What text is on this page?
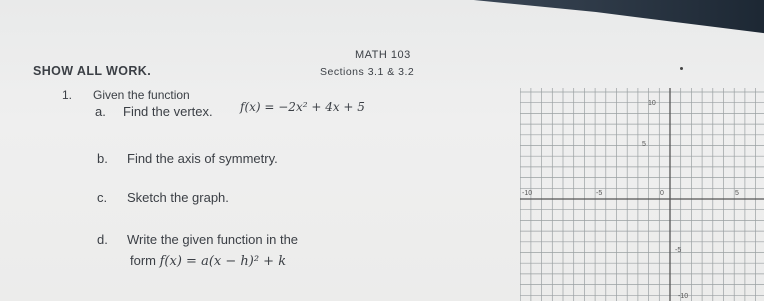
MATH 103
Sections 3.1 & 3.2
SHOW ALL WORK.
1. Given the function
f(x) = −2x² + 4x + 5
a. Find the vertex.
b. Find the axis of symmetry.
c. Sketch the graph.
d. Write the given function in the
form f(x) = a(x − h)² + k
10
5
-10	-5	0	5
-5
-10
